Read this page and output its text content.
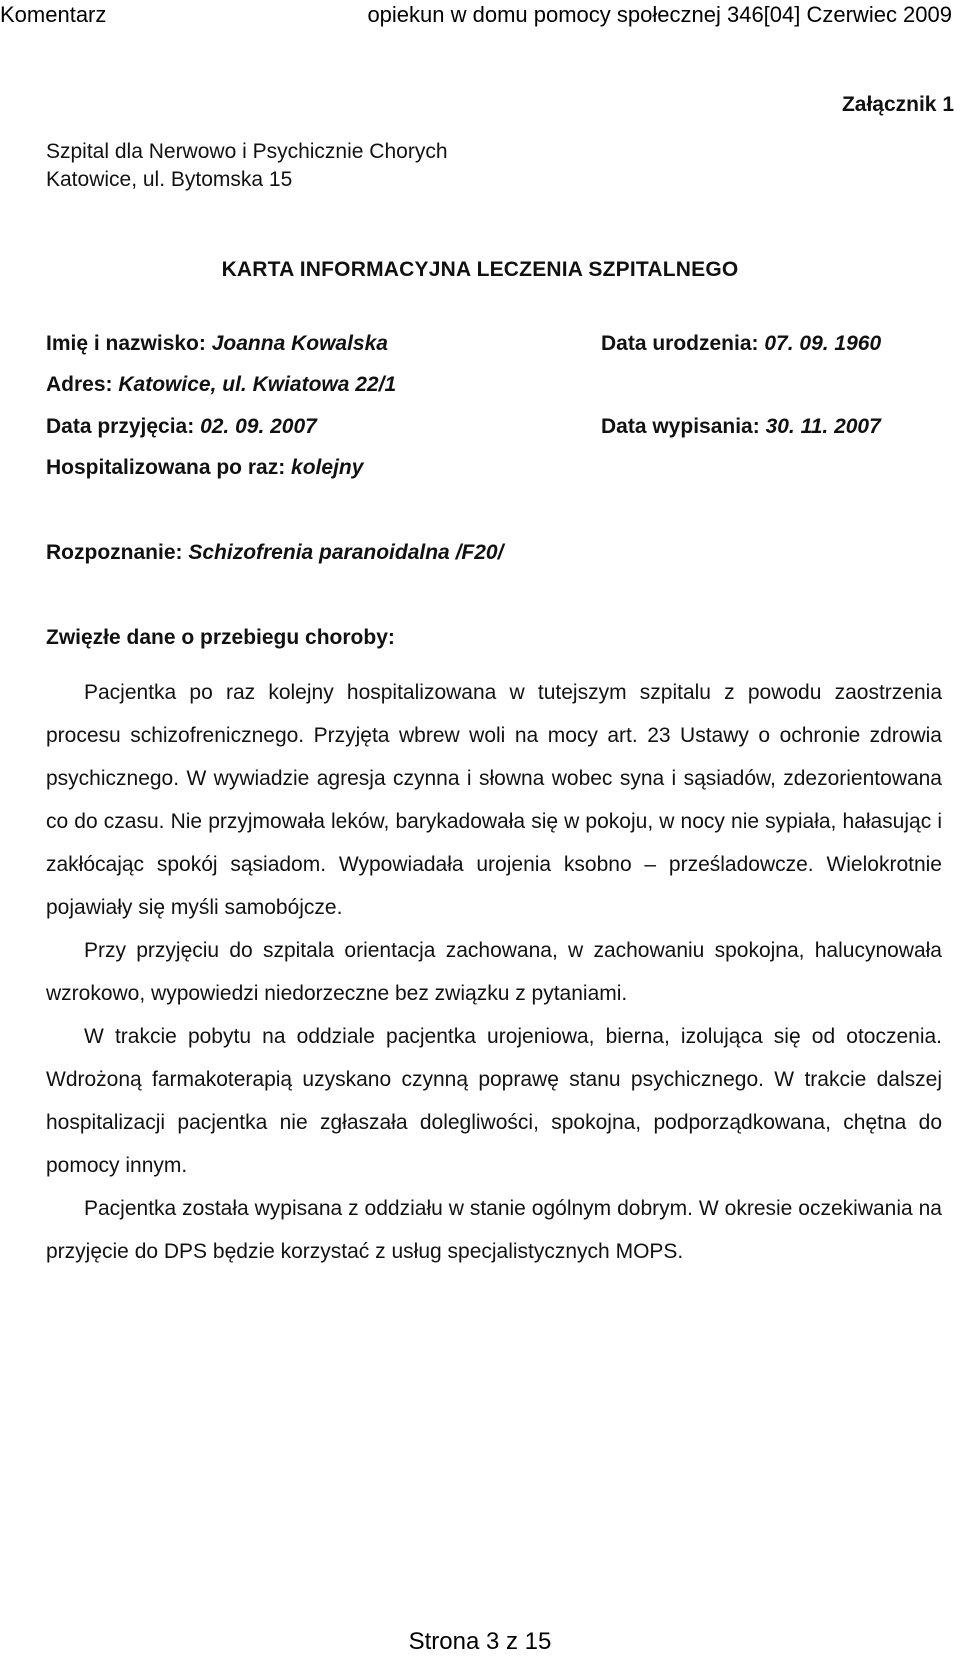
Komentarz	opiekun w domu pomocy społecznej 346[04] Czerwiec 2009
Załącznik 1
Szpital dla Nerwowo i Psychicznie Chorych
Katowice, ul. Bytomska 15
KARTA INFORMACYJNA LECZENIA SZPITALNEGO
Imię i nazwisko: Joanna Kowalska	Data urodzenia: 07. 09. 1960
Adres: Katowice, ul. Kwiatowa 22/1
Data przyjęcia: 02. 09. 2007	Data wypisania: 30. 11. 2007
Hospitalizowana po raz: kolejny
Rozpoznanie: Schizofrenia paranoidalna /F20/
Zwięzłe dane o przebiegu choroby:

Pacjentka po raz kolejny hospitalizowana w tutejszym szpitalu z powodu zaostrzenia procesu schizofrenicznego. Przyjęta wbrew woli na mocy art. 23 Ustawy o ochronie zdrowia psychicznego. W wywiadzie agresja czynna i słowna wobec syna i sąsiadów, zdezorientowana co do czasu. Nie przyjmowała leków, barykadowała się w pokoju, w nocy nie sypiała, hałasując i zakłócając spokój sąsiadom. Wypowiadała urojenia ksobno – prześladowcze. Wielokrotnie pojawiały się myśli samobójcze.

Przy przyjęciu do szpitala orientacja zachowana, w zachowaniu spokojna, halucynowała wzrokowo, wypowiedzi niedorzeczne bez związku z pytaniami.

W trakcie pobytu na oddziale pacjentka urojeniowa, bierna, izolująca się od otoczenia. Wdrożoną farmakoterapią uzyskano czynną poprawę stanu psychicznego. W trakcie dalszej hospitalizacji pacjentka nie zgłaszała dolegliwości, spokojna, podporządkowana, chętna do pomocy innym.

Pacjentka została wypisana z oddziału w stanie ogólnym dobrym. W okresie oczekiwania na przyjęcie do DPS będzie korzystać z usług specjalistycznych MOPS.

Strona 3 z 15
